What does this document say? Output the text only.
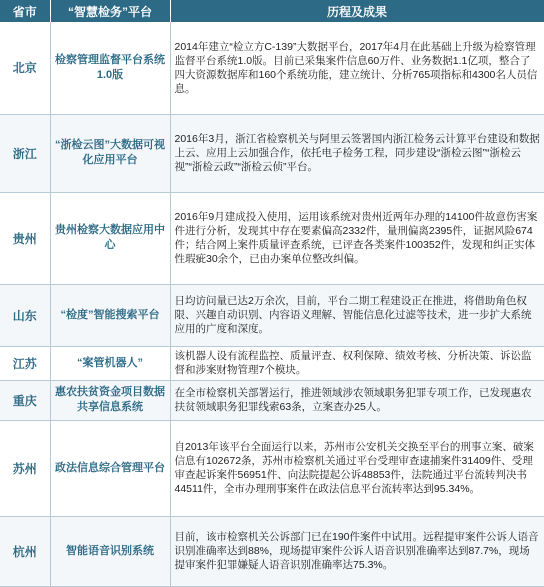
省市	“智慧检务”平台	历程及成果
北京	检察管理监督平台系统1.0版	2014年建立“检立方C-139”大数据平台，2017年4月在此基础上升级为检察管理监督平台系统1.0版。目前已采集案件信息60万件、业务数据1.1亿项，整合了四大资源数据库和160个系统功能，建立统计、分析765项指标和4300名人员信息。
浙江	“浙检云图”大数据可视化应用平台	2016年3月，浙江省检察机关与阿里云签署国内浙江检务云计算平台建设和数据上云、应用上云加强合作，依托电子检务工程，同步建设“浙检云图”“浙检云视”“浙检云政”“浙检云侦”平台。
贵州	贵州检察大数据应用中心	2016年9月建成投入使用，运用该系统对贵州近两年办理的14100件故意伤害案件进行分析，发现其中存在要素偏高2332件，量刑偏离2395件，证据风险674件；结合网上案件质量评查系统，已评查各类案件100352件，发现和纠正实体性瑕疵30余个，已由办案单位整改纠偏。
山东	“检度”智能搜索平台	日均访问量已达2万余次，目前，平台二期工程建设正在推进，将借助角色权限、兴趣自动识别、内容语义理解、智能信息化过滤等技术，进一步扩大系统应用的广度和深度。
江苏	“案管机器人”	该机器人设有流程监控、质量评查、权利保障、绩效考核、分析决策、诉讼监督和涉案财物管理7个模块。
重庆	惠农扶贫资金项目数据共享信息系统	在全市检察机关部署运行，推进领域涉农领域职务犯罪专项工作，已发现惠农扶贫领域职务犯罪线索63条，立案查办25人。
苏州	政法信息综合管理平台	自2013年该平台全面运行以来，苏州市公安机关交换至平台的刑事立案、破案信息有102672条，苏州市检察机关通过平台受理审查逮捕案件31409件、受理审查起诉案件56951件、向法院提起公诉48853件，法院通过平台流转判决书44511件，全市办理刑事案件在政法信息平台流转率达到95.34%。
杭州	智能语音识别系统	目前，该市检察机关公诉部门已在190件案件中试用。远程提审案件公诉人语音识别准确率达到88%，现场提审案件公诉人语音识别准确率达到87.7%，现场提审案件犯罪嫌疑人语音识别准确率达75.3%。
